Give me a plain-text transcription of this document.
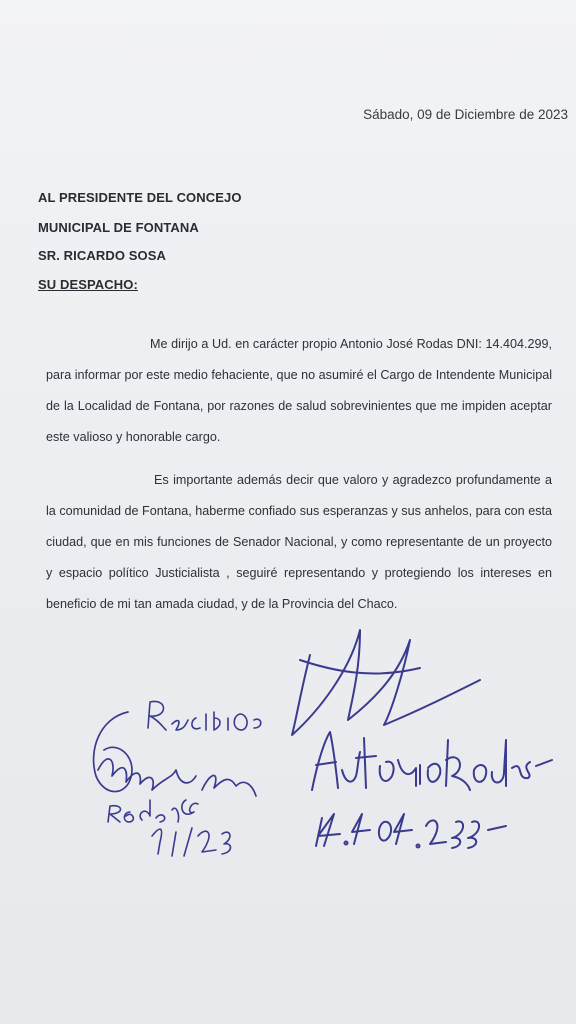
Sábado, 09 de Diciembre de 2023
AL PRESIDENTE DEL CONCEJO
MUNICIPAL DE FONTANA
SR. RICARDO SOSA
SU DESPACHO:
Me dirijo a Ud. en carácter propio Antonio José Rodas DNI: 14.404.299, para informar por este medio fehaciente, que no asumiré el Cargo de Intendente Municipal de la Localidad de Fontana, por razones de salud sobrevinientes que me impiden aceptar este valioso y honorable cargo.
Es importante además decir que valoro y agradezco profundamente a la comunidad de Fontana, haberme confiado sus esperanzas y sus anhelos, para con esta ciudad, que en mis funciones de Senador Nacional, y como representante de un proyecto y espacio político Justicialista , seguiré representando y protegiendo los intereses en beneficio de mi tan amada ciudad, y de la Provincia del Chaco.
